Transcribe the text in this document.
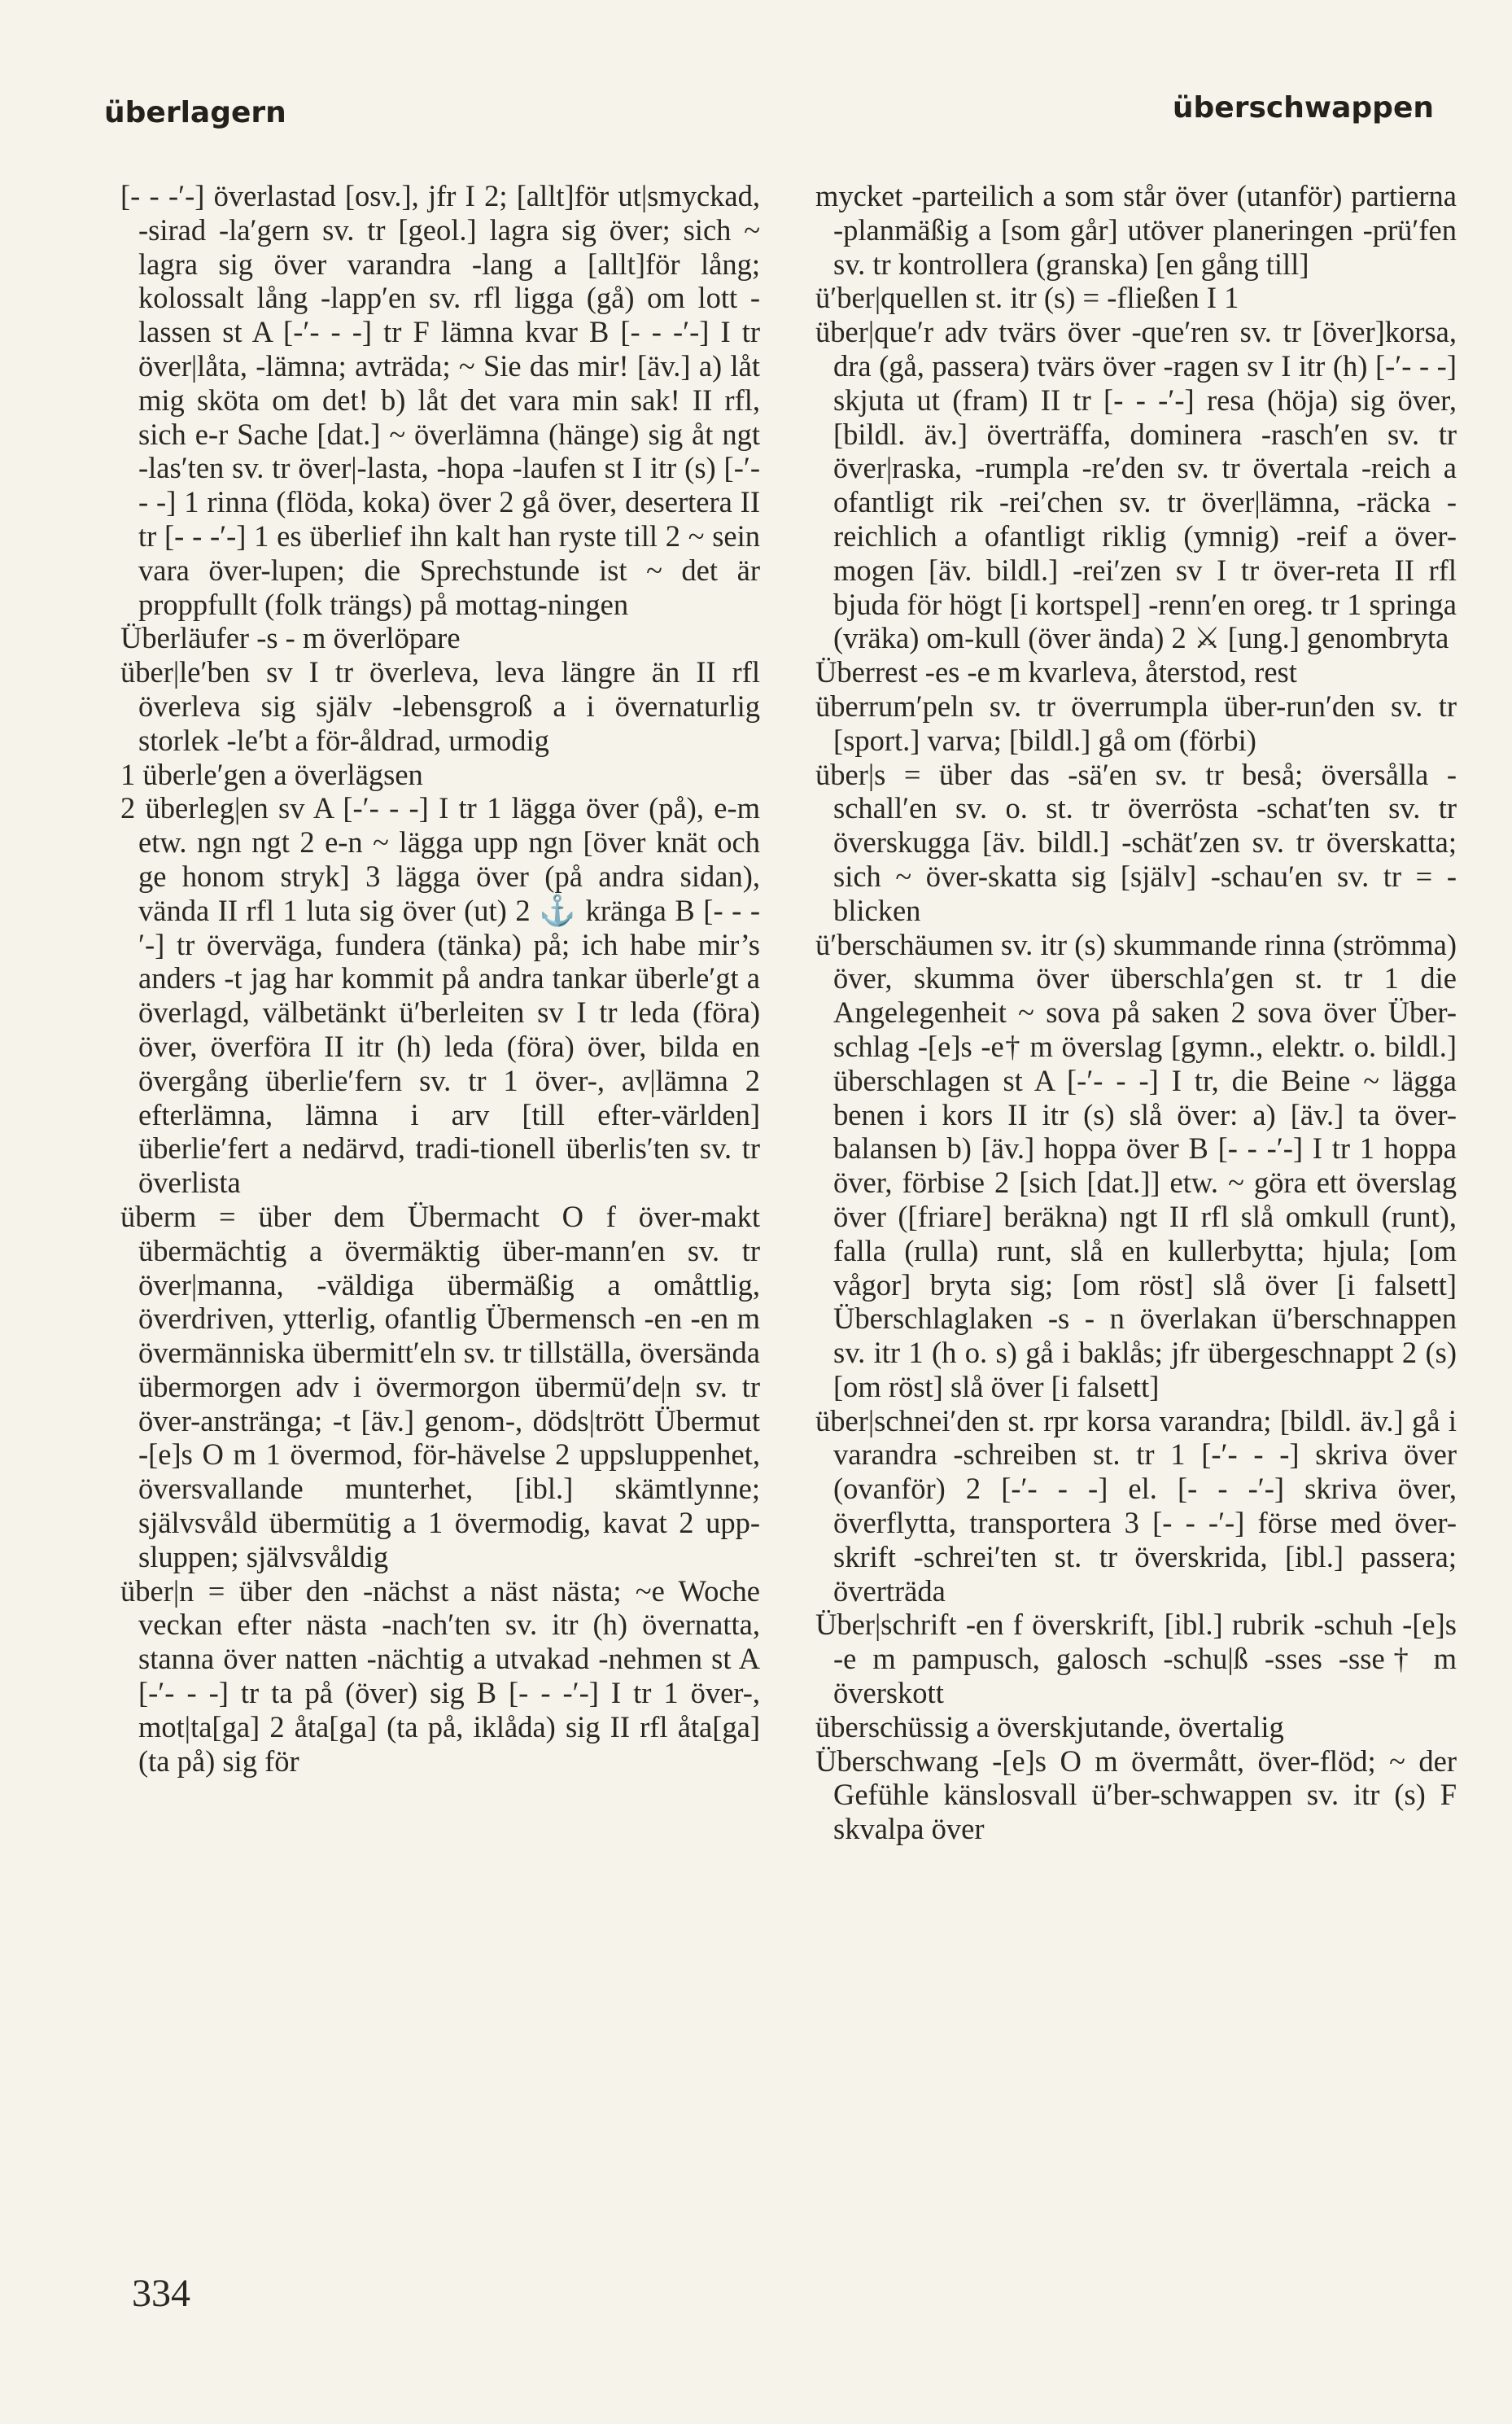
überlagern	überschwappen

[- - -′-] överlastad [osv.], jfr I 2; [allt]för ut|smyckad, -sirad -la′gern sv. tr [geol.] lagra sig över; sich ~ lagra sig över varandra -lang a [allt]för lång; kolossalt lång -lapp′en sv. rfl ligga (gå) om lott -lassen st A [-′- - -] tr F lämna kvar B [- - -′-] I tr över|låta, -lämna; avträda; ~ Sie das mir! [äv.] a) låt mig sköta om det! b) låt det vara min sak! II rfl, sich e-r Sache [dat.] ~ överlämna (hänge) sig åt ngt -las′ten sv. tr över|-lasta, -hopa -laufen st I itr (s) [-′- - -] 1 rinna (flöda, koka) över 2 gå över, desertera II tr [- - -′-] 1 es überlief ihn kalt han ryste till 2 ~ sein vara över-lupen; die Sprechstunde ist ~ det är proppfullt (folk trängs) på mottag-ningen

Überläufer -s - m överlöpare

über|le′ben sv I tr överleva, leva längre än II rfl överleva sig själv -lebensgroß a i övernaturlig storlek -le′bt a för-åldrad, urmodig

1 überle′gen a överlägsen

2 überleg|en sv A [-′- - -] I tr 1 lägga över (på), e-m etw. ngn ngt 2 e-n ~ lägga upp ngn [över knät och ge honom stryk] 3 lägga över (på andra sidan), vända II rfl 1 luta sig över (ut) 2 ⚓ kränga B [- - -′-] tr överväga, fundera (tänka) på; ich habe mir’s anders -t jag har kommit på andra tankar überle′gt a överlagd, välbetänkt ü′berleiten sv I tr leda (föra) över, överföra II itr (h) leda (föra) över, bilda en övergång überlie′fern sv. tr 1 över-, av|lämna 2 efterlämna, lämna i arv [till efter-världen] überlie′fert a nedärvd, tradi-tionell überlis′ten sv. tr överlista

überm = über dem Übermacht O f över-makt übermächtig a övermäktig über-mann′en sv. tr över|manna, -väldiga übermäßig a omåttlig, överdriven, ytterlig, ofantlig Übermensch -en -en m övermänniska übermitt′eln sv. tr tillställa, översända übermorgen adv i övermorgon übermü′de|n sv. tr över-anstränga; -t [äv.] genom-, döds|trött Übermut -[e]s O m 1 övermod, för-hävelse 2 uppsluppenhet, översvallande munterhet, [ibl.] skämtlynne; självsvåld übermütig a 1 övermodig, kavat 2 upp-sluppen; självsvåldig

über|n = über den -nächst a näst nästa; ~e Woche veckan efter nästa -nach′ten sv. itr (h) övernatta, stanna över natten -nächtig a utvakad -nehmen st A [-′- - -] tr ta på (över) sig B [- - -′-] I tr 1 över-, mot|ta[ga] 2 åta[ga] (ta på, iklåda) sig II rfl åta[ga] (ta på) sig för

mycket -parteilich a som står över (utanför) partierna -planmäßig a [som går] utöver planeringen -prü′fen sv. tr kontrollera (granska) [en gång till]

ü′ber|quellen st. itr (s) = -fließen I 1

über|que′r adv tvärs över -que′ren sv. tr [över]korsa, dra (gå, passera) tvärs över -ragen sv I itr (h) [-′- - -] skjuta ut (fram) II tr [- - -′-] resa (höja) sig över, [bildl. äv.] överträffa, dominera -rasch′en sv. tr över|raska, -rumpla -re′den sv. tr övertala -reich a ofantligt rik -rei′chen sv. tr över|lämna, -räcka -reichlich a ofantligt riklig (ymnig) -reif a över-mogen [äv. bildl.] -rei′zen sv I tr över-reta II rfl bjuda för högt [i kortspel] -renn′en oreg. tr 1 springa (vräka) om-kull (över ända) 2 ⚔ [ung.] genombryta

Überrest -es -e m kvarleva, återstod, rest

überrum′peln sv. tr överrumpla über-run′den sv. tr [sport.] varva; [bildl.] gå om (förbi)

über|s = über das -sä′en sv. tr beså; översålla -schall′en sv. o. st. tr överrösta -schat′ten sv. tr överskugga [äv. bildl.] -schät′zen sv. tr överskatta; sich ~ över-skatta sig [själv] -schau′en sv. tr = -blicken

ü′berschäumen sv. itr (s) skummande rinna (strömma) över, skumma över überschla′gen st. tr 1 die Angelegenheit ~ sova på saken 2 sova över Über-schlag -[e]s -e† m överslag [gymn., elektr. o. bildl.] überschlagen st A [-′- - -] I tr, die Beine ~ lägga benen i kors II itr (s) slå över: a) [äv.] ta över-balansen b) [äv.] hoppa över B [- - -′-] I tr 1 hoppa över, förbise 2 [sich [dat.]] etw. ~ göra ett överslag över ([friare] beräkna) ngt II rfl slå omkull (runt), falla (rulla) runt, slå en kullerbytta; hjula; [om vågor] bryta sig; [om röst] slå över [i falsett] Überschlaglaken -s - n överlakan ü′berschnappen sv. itr 1 (h o. s) gå i baklås; jfr übergeschnappt 2 (s) [om röst] slå över [i falsett]

über|schnei′den st. rpr korsa varandra; [bildl. äv.] gå i varandra -schreiben st. tr 1 [-′- - -] skriva över (ovanför) 2 [-′- - -] el. [- - -′-] skriva över, överflytta, transportera 3 [- - -′-] förse med över-skrift -schrei′ten st. tr överskrida, [ibl.] passera; överträda

Über|schrift -en f överskrift, [ibl.] rubrik -schuh -[e]s -e m pampusch, galosch -schu|ß -sses -sse† m överskott

überschüssig a överskjutande, övertalig

Überschwang -[e]s O m övermått, över-flöd; ~ der Gefühle känslosvall ü′ber-schwappen sv. itr (s) F skvalpa över

334
